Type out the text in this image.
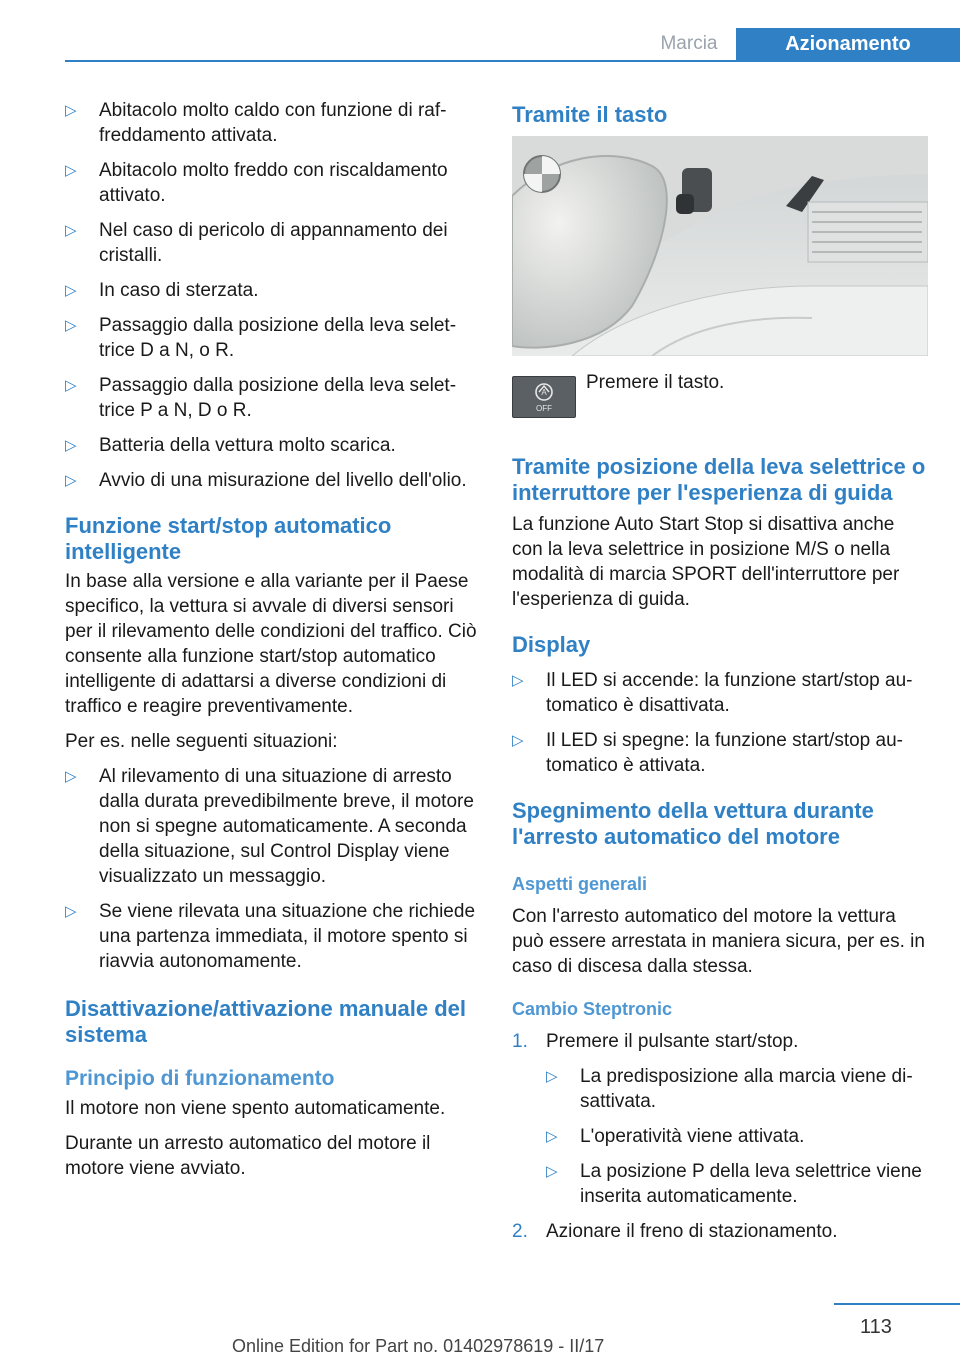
Marcia	Azionamento
▷ Abitacolo molto caldo con funzione di raffreddamento attivata.
▷ Abitacolo molto freddo con riscaldamento attivato.
▷ Nel caso di pericolo di appannamento dei cristalli.
▷ In caso di sterzata.
▷ Passaggio dalla posizione della leva selettrice D a N, o R.
▷ Passaggio dalla posizione della leva selettrice P a N, D o R.
▷ Batteria della vettura molto scarica.
▷ Avvio di una misurazione del livello dell'olio.
Funzione start/stop automatico intelligente
In base alla versione e alla variante per il Paese specifico, la vettura si avvale di diversi sensori per il rilevamento delle condizioni del traffico. Ciò consente alla funzione start/stop automatico intelligente di adattarsi a diverse condizioni di traffico e reagire preventivamente.
Per es. nelle seguenti situazioni:
▷ Al rilevamento di una situazione di arresto dalla durata prevedibilmente breve, il motore non si spegne automaticamente. A seconda della situazione, sul Control Display viene visualizzato un messaggio.
▷ Se viene rilevata una situazione che richiede una partenza immediata, il motore spento si riavvia autonomamente.
Disattivazione/attivazione manuale del sistema
Principio di funzionamento
Il motore non viene spento automaticamente.
Durante un arresto automatico del motore il motore viene avviato.
Tramite il tasto
A
OFF
Premere il tasto.
Tramite posizione della leva selettrice o interruttore per l'esperienza di guida
La funzione Auto Start Stop si disattiva anche con la leva selettrice in posizione M/S o nella modalità di marcia SPORT dell'interruttore per l'esperienza di guida.
Display
▷ Il LED si accende: la funzione start/stop automatico è disattivata.
▷ Il LED si spegne: la funzione start/stop automatico è attivata.
Spegnimento della vettura durante l'arresto automatico del motore
Aspetti generali
Con l'arresto automatico del motore la vettura può essere arrestata in maniera sicura, per es. in caso di discesa dalla stessa.
Cambio Steptronic
1. Premere il pulsante start/stop.
▷ La predisposizione alla marcia viene disattivata.
▷ L'operatività viene attivata.
▷ La posizione P della leva selettrice viene inserita automaticamente.
2. Azionare il freno di stazionamento.
113
Online Edition for Part no. 01402978619 - II/17
